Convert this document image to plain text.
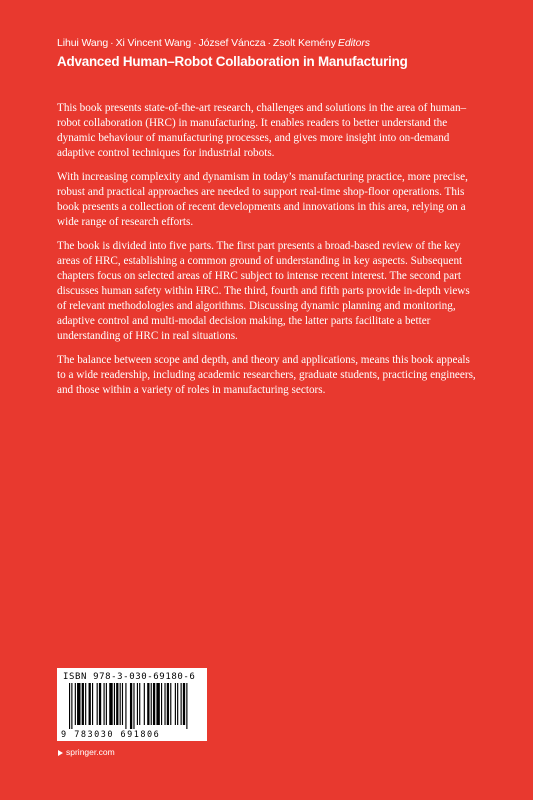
Lihui Wang · Xi Vincent Wang · József Váncza · Zsolt Kemény Editors
Advanced Human–Robot Collaboration in Manufacturing

This book presents state-of-the-art research, challenges and solutions in the area of human–robot collaboration (HRC) in manufacturing. It enables readers to better understand the dynamic behaviour of manufacturing processes, and gives more insight into on-demand adaptive control techniques for industrial robots.

With increasing complexity and dynamism in today’s manufacturing practice, more precise, robust and practical approaches are needed to support real-time shop-floor operations. This book presents a collection of recent developments and innovations in this area, relying on a wide range of research efforts.

The book is divided into five parts. The first part presents a broad-based review of the key areas of HRC, establishing a common ground of understanding in key aspects. Subsequent chapters focus on selected areas of HRC subject to intense recent interest. The second part discusses human safety within HRC. The third, fourth and fifth parts provide in-depth views of relevant methodologies and algorithms. Discussing dynamic planning and monitoring, adaptive control and multi-modal decision making, the latter parts facilitate a better understanding of HRC in real situations.

The balance between scope and depth, and theory and applications, means this book appeals to a wide readership, including academic researchers, graduate students, practicing engineers, and those within a variety of roles in manufacturing sectors.

ISBN 978-3-030-69180-6
9 783030 691806
springer.com
